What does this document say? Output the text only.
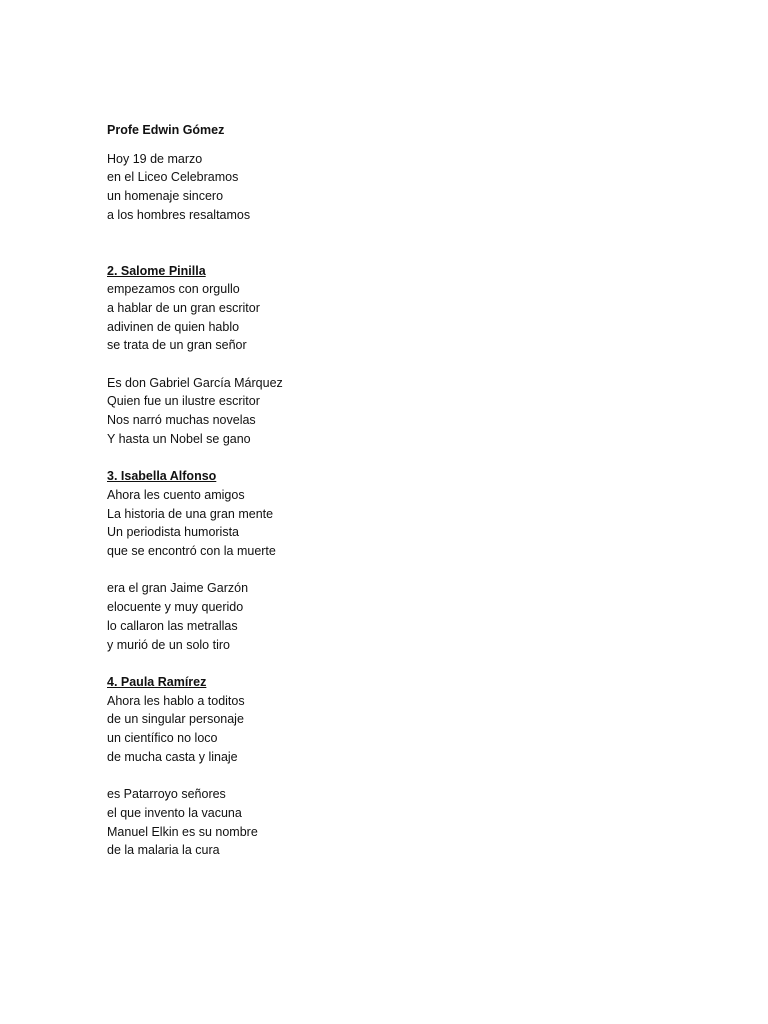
Profe Edwin Gómez
Hoy 19 de marzo
en el Liceo Celebramos
un homenaje sincero
a los hombres resaltamos
2. Salome Pinilla
empezamos con orgullo
a hablar de un gran escritor
adivinen de quien hablo
se trata de un gran señor
Es don Gabriel García Márquez
Quien fue un ilustre escritor
Nos narró muchas novelas
Y hasta un Nobel se gano
3. Isabella Alfonso
Ahora les cuento amigos
La historia de una gran mente
Un periodista humorista
que se encontró con la muerte
era el gran Jaime Garzón
elocuente y muy querido
lo callaron las metrallas
y murió de un solo tiro
4. Paula Ramírez
Ahora les hablo a toditos
de un singular personaje
un científico no loco
de mucha casta y linaje
es Patarroyo señores
el que invento la vacuna
Manuel Elkin es su nombre
de la malaria la cura
